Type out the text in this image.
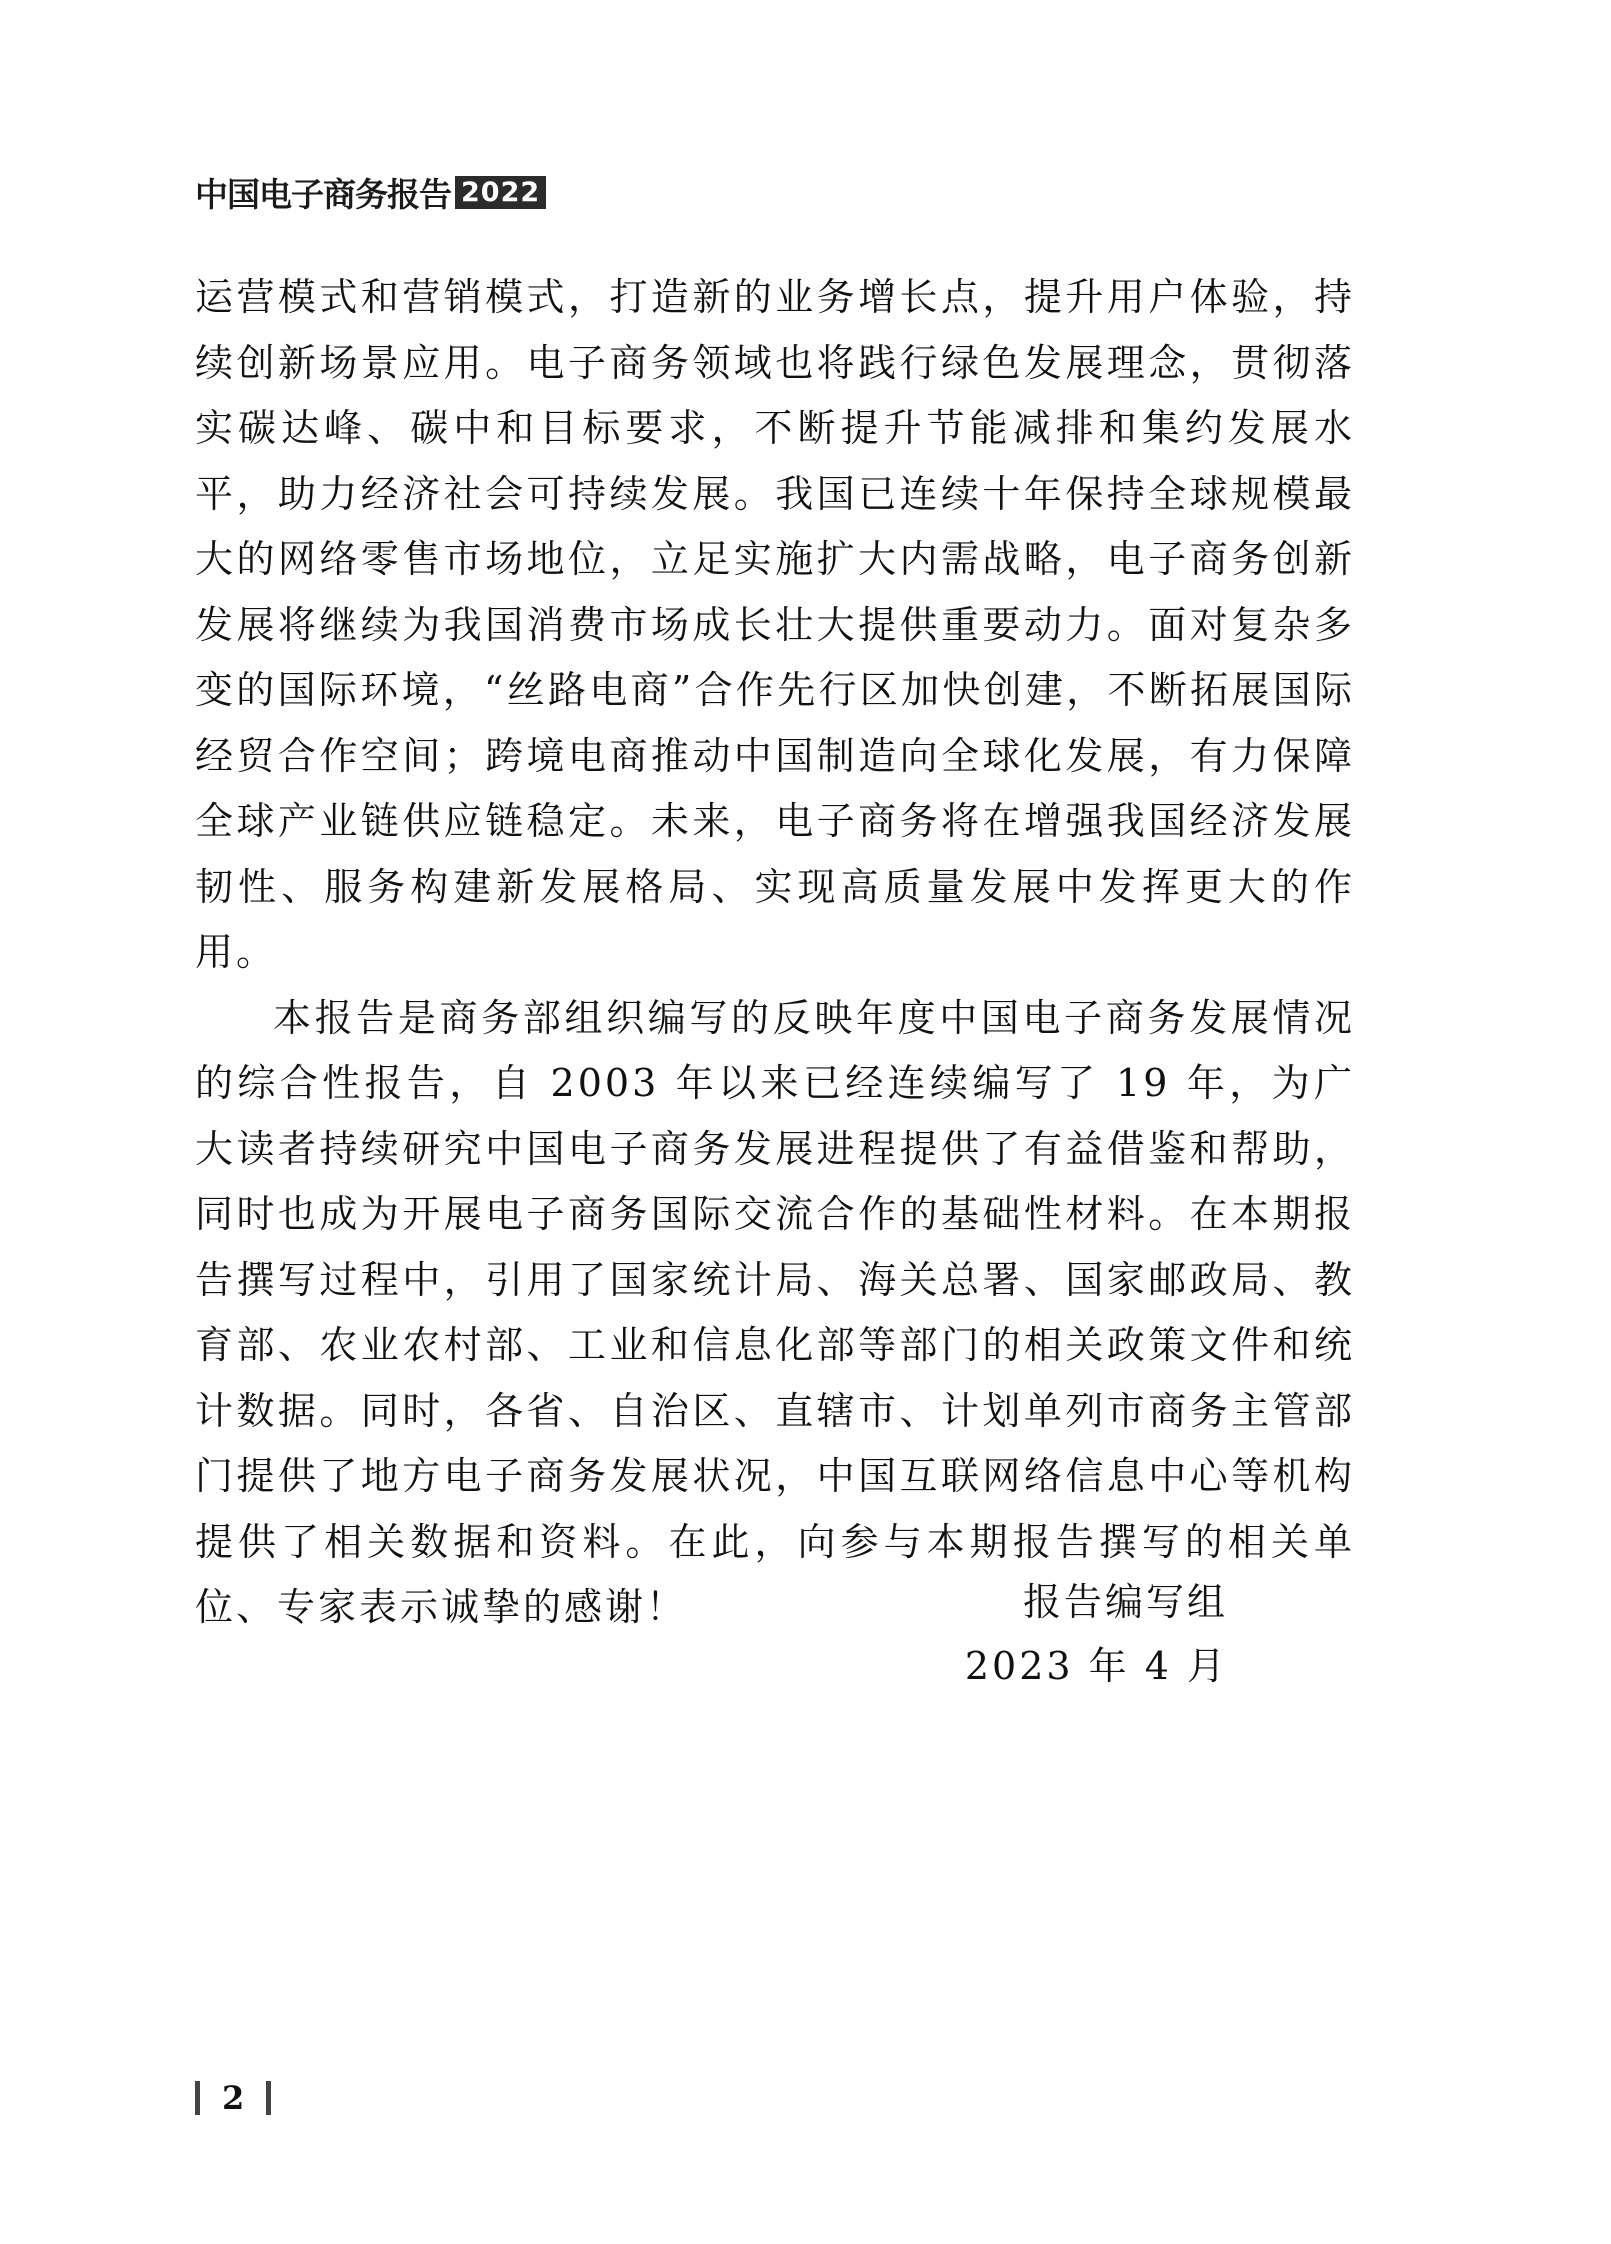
中国电子商务报告 2022

运营模式和营销模式，打造新的业务增长点，提升用户体验，持续创新场景应用。电子商务领域也将践行绿色发展理念，贯彻落实碳达峰、碳中和目标要求，不断提升节能减排和集约发展水平，助力经济社会可持续发展。我国已连续十年保持全球规模最大的网络零售市场地位，立足实施扩大内需战略，电子商务创新发展将继续为我国消费市场成长壮大提供重要动力。面对复杂多变的国际环境，“丝路电商”合作先行区加快创建，不断拓展国际经贸合作空间；跨境电商推动中国制造向全球化发展，有力保障全球产业链供应链稳定。未来，电子商务将在增强我国经济发展韧性、服务构建新发展格局、实现高质量发展中发挥更大的作用。

本报告是商务部组织编写的反映年度中国电子商务发展情况的综合性报告，自 2003 年以来已经连续编写了 19 年，为广大读者持续研究中国电子商务发展进程提供了有益借鉴和帮助，同时也成为开展电子商务国际交流合作的基础性材料。在本期报告撰写过程中，引用了国家统计局、海关总署、国家邮政局、教育部、农业农村部、工业和信息化部等部门的相关政策文件和统计数据。同时，各省、自治区、直辖市、计划单列市商务主管部门提供了地方电子商务发展状况，中国互联网络信息中心等机构提供了相关数据和资料。在此，向参与本期报告撰写的相关单位、专家表示诚挚的感谢！	报告编写组
2023 年 4 月
2
